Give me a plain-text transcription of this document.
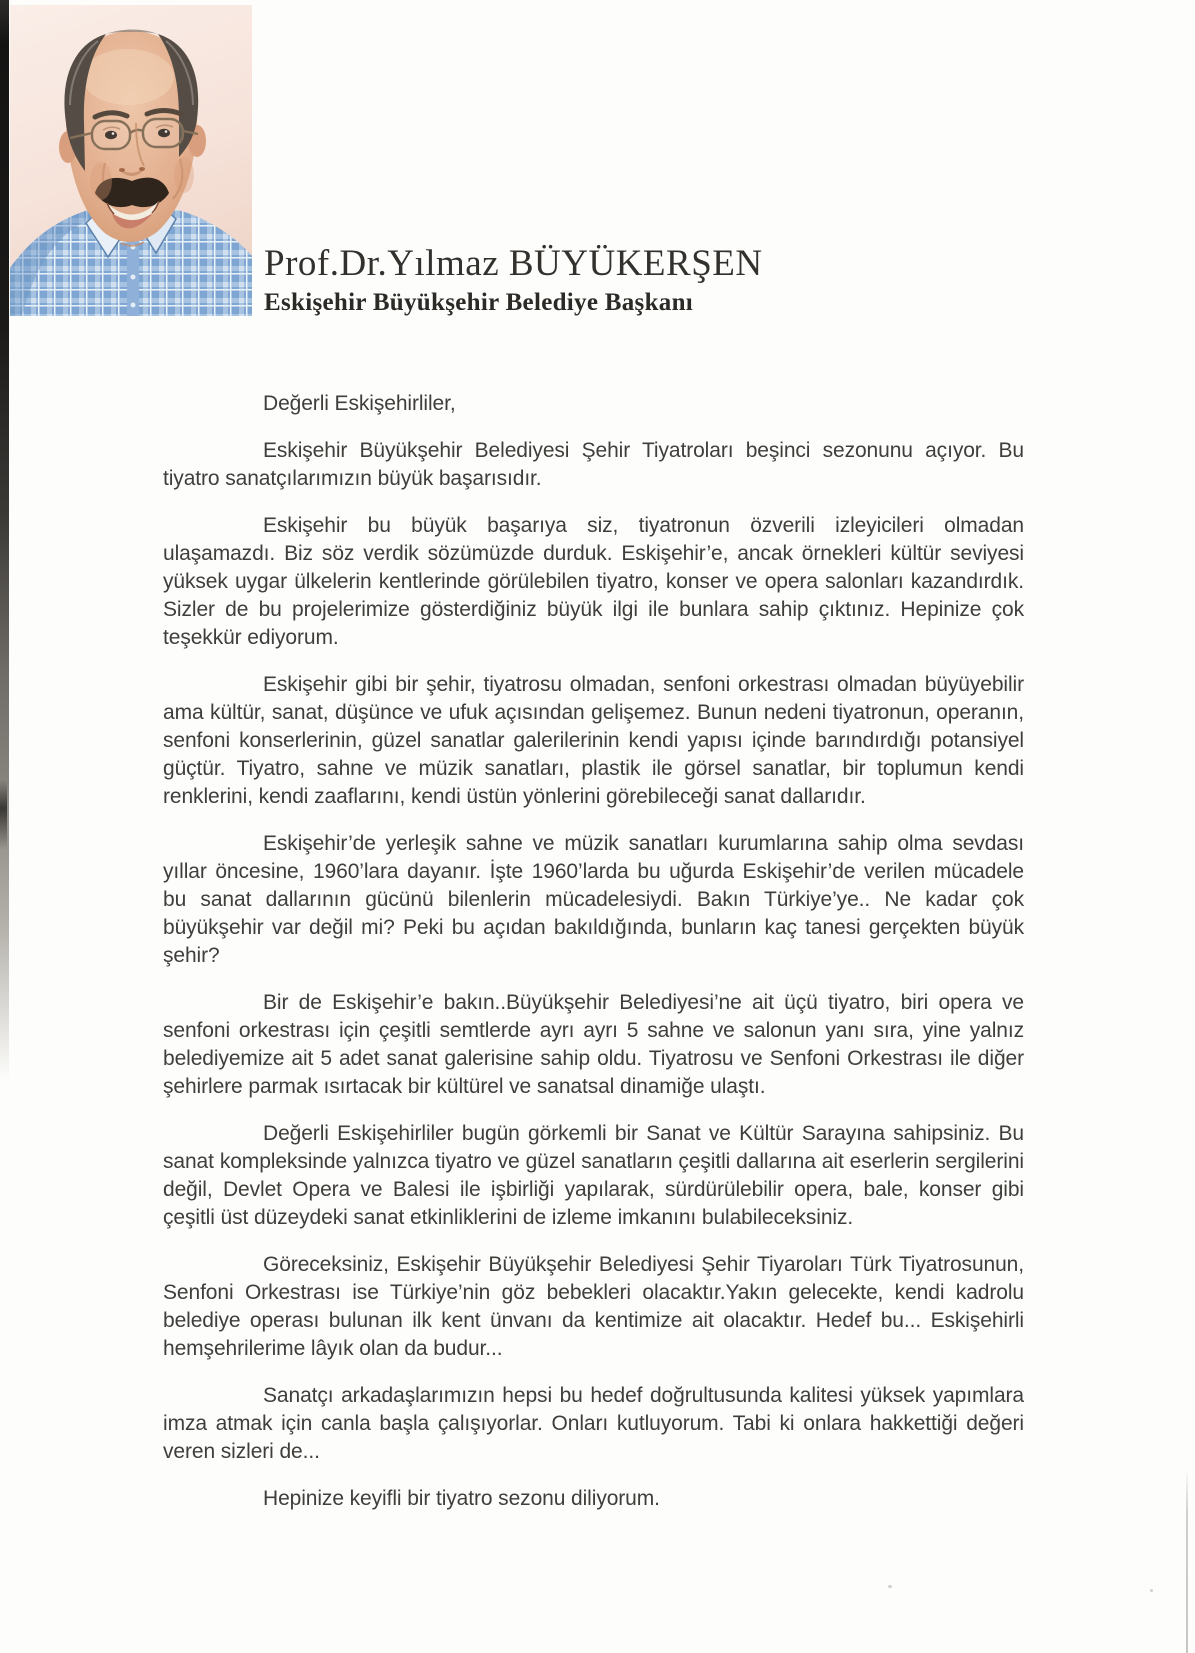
Prof.Dr.Yılmaz BÜYÜKERŞEN
Eskişehir Büyükşehir Belediye Başkanı

Değerli Eskişehirliler,

Eskişehir Büyükşehir Belediyesi Şehir Tiyatroları beşinci sezonunu açıyor. Bu tiyatro sanatçılarımızın büyük başarısıdır.

Eskişehir bu büyük başarıya siz, tiyatronun özverili izleyicileri olmadan ulaşamazdı. Biz söz verdik sözümüzde durduk. Eskişehir’e, ancak örnekleri kültür seviyesi yüksek uygar ülkelerin kentlerinde görülebilen tiyatro, konser ve opera salonları kazandırdık. Sizler de bu projelerimize gösterdiğiniz büyük ilgi ile bunlara sahip çıktınız. Hepinize çok teşekkür ediyorum.

Eskişehir gibi bir şehir, tiyatrosu olmadan, senfoni orkestrası olmadan büyüyebilir ama kültür, sanat, düşünce ve ufuk açısından gelişemez. Bunun nedeni tiyatronun, operanın, senfoni konserlerinin, güzel sanatlar galerilerinin kendi yapısı içinde barındırdığı potansiyel güçtür. Tiyatro, sahne ve müzik sanatları, plastik ile görsel sanatlar, bir toplumun kendi renklerini, kendi zaaflarını, kendi üstün yönlerini görebileceği sanat dallarıdır.

Eskişehir’de yerleşik sahne ve müzik sanatları kurumlarına sahip olma sevdası yıllar öncesine, 1960’lara dayanır. İşte 1960’larda bu uğurda Eskişehir’de verilen mücadele bu sanat dallarının gücünü bilenlerin mücadelesiydi. Bakın Türkiye’ye.. Ne kadar çok büyükşehir var değil mi? Peki bu açıdan bakıldığında, bunların kaç tanesi gerçekten büyük şehir?

Bir de Eskişehir’e bakın..Büyükşehir Belediyesi’ne ait üçü tiyatro, biri opera ve senfoni orkestrası için çeşitli semtlerde ayrı ayrı 5 sahne ve salonun yanı sıra, yine yalnız belediyemize ait 5 adet sanat galerisine sahip oldu. Tiyatrosu ve Senfoni Orkestrası ile diğer şehirlere parmak ısırtacak bir kültürel ve sanatsal dinamiğe ulaştı.

Değerli Eskişehirliler bugün görkemli bir Sanat ve Kültür Sarayına sahipsiniz. Bu sanat kompleksinde yalnızca tiyatro ve güzel sanatların çeşitli dallarına ait eserlerin sergilerini değil, Devlet Opera ve Balesi ile işbirliği yapılarak, sürdürülebilir opera, bale, konser gibi çeşitli üst düzeydeki sanat etkinliklerini de izleme imkanını bulabileceksiniz.

Göreceksiniz, Eskişehir Büyükşehir Belediyesi Şehir Tiyaroları Türk Tiyatrosunun, Senfoni Orkestrası ise Türkiye’nin göz bebekleri olacaktır.Yakın gelecekte, kendi kadrolu belediye operası bulunan ilk kent ünvanı da kentimize ait olacaktır. Hedef bu... Eskişehirli hemşehrilerime lâyık olan da budur...

Sanatçı arkadaşlarımızın hepsi bu hedef doğrultusunda kalitesi yüksek yapımlara imza atmak için canla başla çalışıyorlar. Onları kutluyorum. Tabi ki onlara hakkettiği değeri veren sizleri de...

Hepinize keyifli bir tiyatro sezonu diliyorum.
